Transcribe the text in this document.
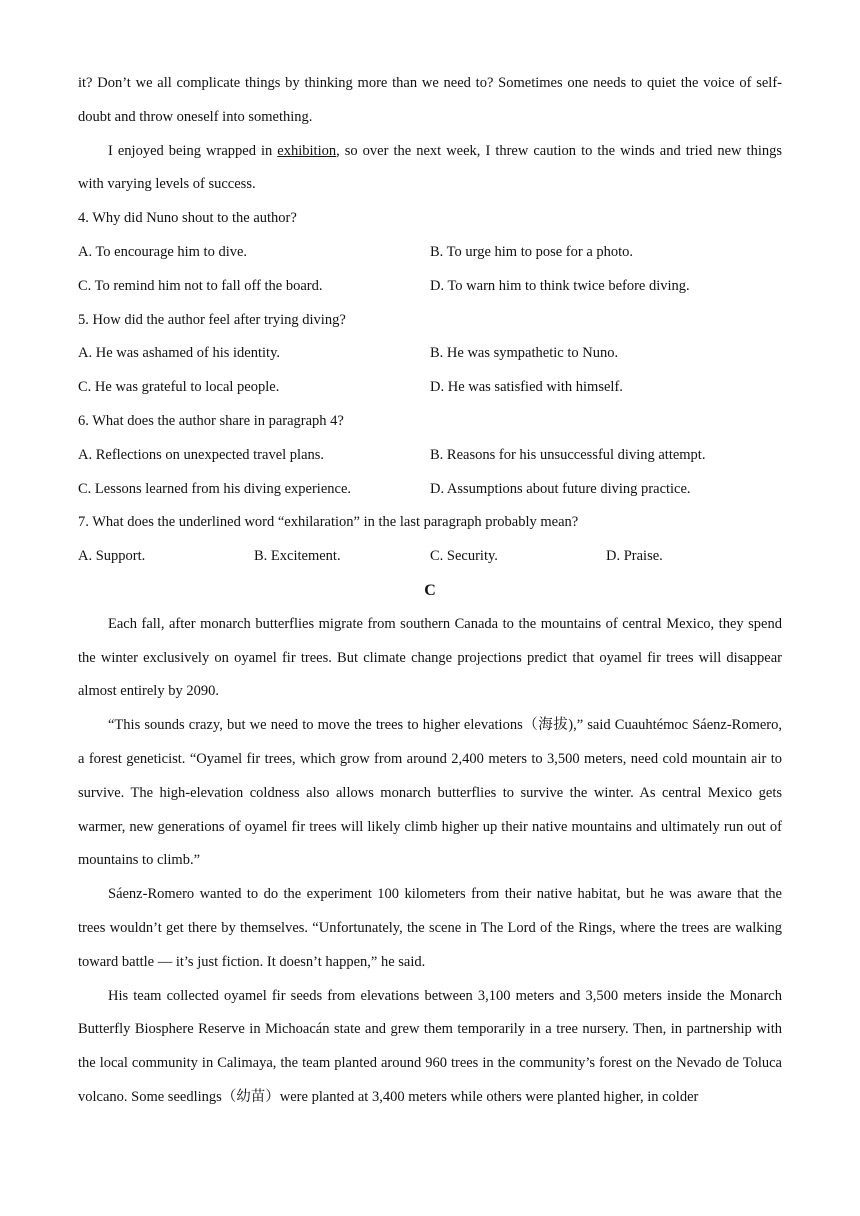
it? Don’t we all complicate things by thinking more than we need to? Sometimes one needs to quiet the voice of self-doubt and throw oneself into something.

I enjoyed being wrapped in exhibition, so over the next week, I threw caution to the winds and tried new things with varying levels of success.

4. Why did Nuno shout to the author?

A. To encourage him to dive.	B. To urge him to pose for a photo.
C. To remind him not to fall off the board.	D. To warn him to think twice before diving.

5. How did the author feel after trying diving?

A. He was ashamed of his identity.	B. He was sympathetic to Nuno.
C. He was grateful to local people.	D. He was satisfied with himself.

6. What does the author share in paragraph 4?

A. Reflections on unexpected travel plans.	B. Reasons for his unsuccessful diving attempt.
C. Lessons learned from his diving experience.	D. Assumptions about future diving practice.

7. What does the underlined word “exhilaration” in the last paragraph probably mean?

A. Support.	B. Excitement.	C. Security.	D. Praise.

C

Each fall, after monarch butterflies migrate from southern Canada to the mountains of central Mexico, they spend the winter exclusively on oyamel fir trees. But climate change projections predict that oyamel fir trees will disappear almost entirely by 2090.

“This sounds crazy, but we need to move the trees to higher elevations（海拔),” said Cuauhtémoc Sáenz-Romero, a forest geneticist. “Oyamel fir trees, which grow from around 2,400 meters to 3,500 meters, need cold mountain air to survive. The high-elevation coldness also allows monarch butterflies to survive the winter. As central Mexico gets warmer, new generations of oyamel fir trees will likely climb higher up their native mountains and ultimately run out of mountains to climb.”

Sáenz-Romero wanted to do the experiment 100 kilometers from their native habitat, but he was aware that the trees wouldn’t get there by themselves. “Unfortunately, the scene in The Lord of the Rings, where the trees are walking toward battle — it’s just fiction. It doesn’t happen,” he said.

His team collected oyamel fir seeds from elevations between 3,100 meters and 3,500 meters inside the Monarch Butterfly Biosphere Reserve in Michoacán state and grew them temporarily in a tree nursery. Then, in partnership with the local community in Calimaya, the team planted around 960 trees in the community’s forest on the Nevado de Toluca volcano. Some seedlings（幼苗）were planted at 3,400 meters while others were planted higher, in colder
